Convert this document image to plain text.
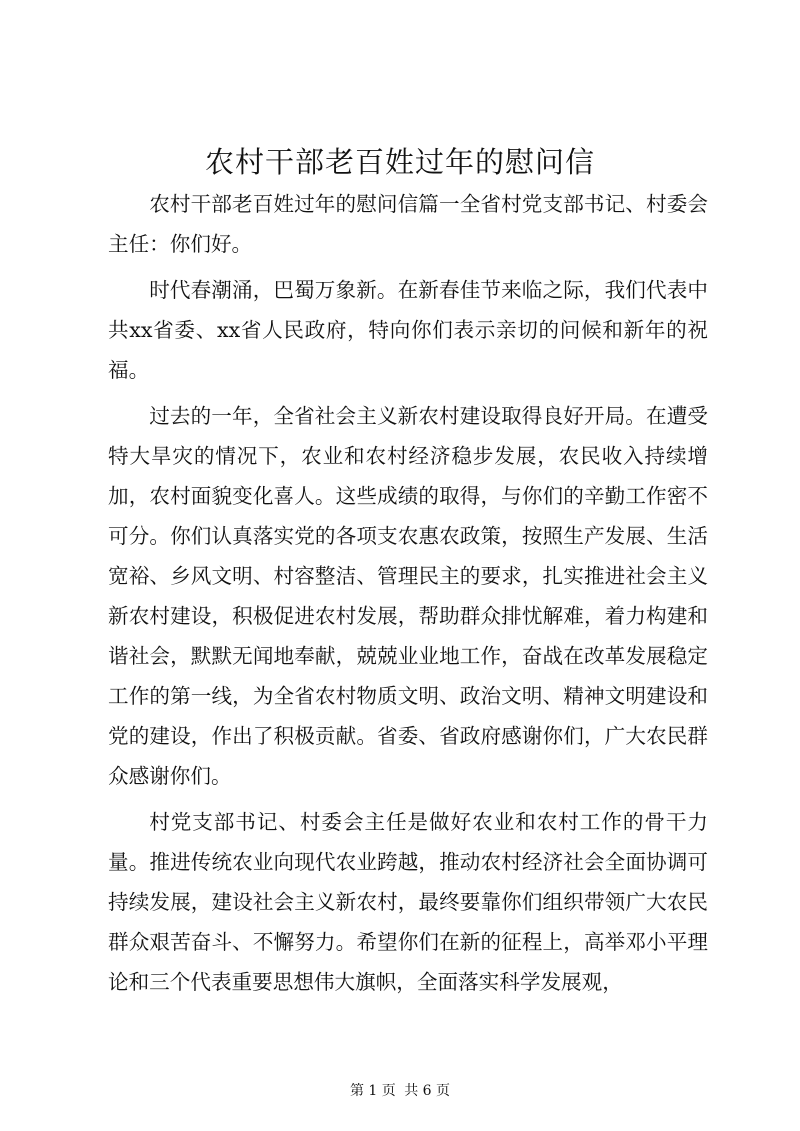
农村干部老百姓过年的慰问信

农村干部老百姓过年的慰问信篇一全省村党支部书记、村委会主任：你们好。

时代春潮涌，巴蜀万象新。在新春佳节来临之际，我们代表中共xx省委、xx省人民政府，特向你们表示亲切的问候和新年的祝福。

过去的一年，全省社会主义新农村建设取得良好开局。在遭受特大旱灾的情况下，农业和农村经济稳步发展，农民收入持续增加，农村面貌变化喜人。这些成绩的取得，与你们的辛勤工作密不可分。你们认真落实党的各项支农惠农政策，按照生产发展、生活宽裕、乡风文明、村容整洁、管理民主的要求，扎实推进社会主义新农村建设，积极促进农村发展，帮助群众排忧解难，着力构建和谐社会，默默无闻地奉献，兢兢业业地工作，奋战在改革发展稳定工作的第一线，为全省农村物质文明、政治文明、精神文明建设和党的建设，作出了积极贡献。省委、省政府感谢你们，广大农民群众感谢你们。

村党支部书记、村委会主任是做好农业和农村工作的骨干力量。推进传统农业向现代农业跨越，推动农村经济社会全面协调可持续发展，建设社会主义新农村，最终要靠你们组织带领广大农民群众艰苦奋斗、不懈努力。希望你们在新的征程上，高举邓小平理论和三个代表重要思想伟大旗帜，全面落实科学发展观，

第 1 页 共 6 页
